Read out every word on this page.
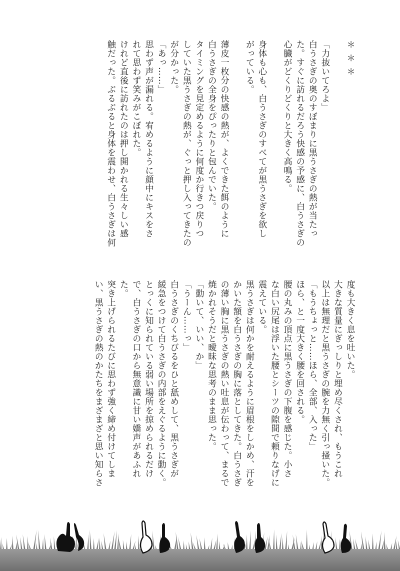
＊＊＊

「力抜いてろよ」

白うさぎの奥のすぼまりに黒うさぎの熱が当たっ

た。すぐに訪れるだろう快感の予感に、白うさぎの

心臓がどくりどくりと大きく高鳴る。

身体も心も、白うさぎのすべてが黒うさぎを欲し

がっている。

薄皮一枚分の快感の熱が、よくできた餌のように

白うさぎの全身をぴったりと包んでいた。

タイミングを見定めるように何度か行きつ戻りつ

していた黒うさぎの熱が、ぐっと押し入ってきたの

が分かった。

「あっ……」

思わず声が漏れる。宥めるように顔中にキスをさ

れて思わず笑みがこぼれた。

けれど直後に訪れたのは押し開かれる生々しい感

触だった。ぶるぶると身体を震わせ、白うさぎは何

度も大きく息を吐いた。

大きな質量にぎっしりと埋め尽くされ、もうこれ

以上は無理だと黒うさぎの腕を力無く引っ掻いた。

「もうちょっと……ほら、全部、入った」

ほら、と一度大きく腰を回される。

腰の丸みの頂点に黒うさぎの下腹を感じた。小さ

な白い尻尾は浮いた腰とシーツの隙間で頼りなげに

震えている。

黒うさぎは何かを耐えるように眉根をしかめ、汗を

かいた額を白うさぎの胸に落としてきた。白うさぎ

の薄い胸に黒うさぎの熱い吐息が伝わって、まるで

焼かれそうだと曖昧な思考のまま思った。

「動いて、いい、か」

「うーん……っ」

白うさぎのくちびるをひと舐めして、黒うさぎが

緩急をつけて白うさぎの内部をえぐるように動く。

とっくに知られている弱い場所を掠められるだけ

で、白うさぎの口から無意識に甘い嬌声があふれ

た。

突き上げられるたびに思わず強く締め付けてしま

い、黒うさぎの熱のかたちをまざまざと思い知らさ
